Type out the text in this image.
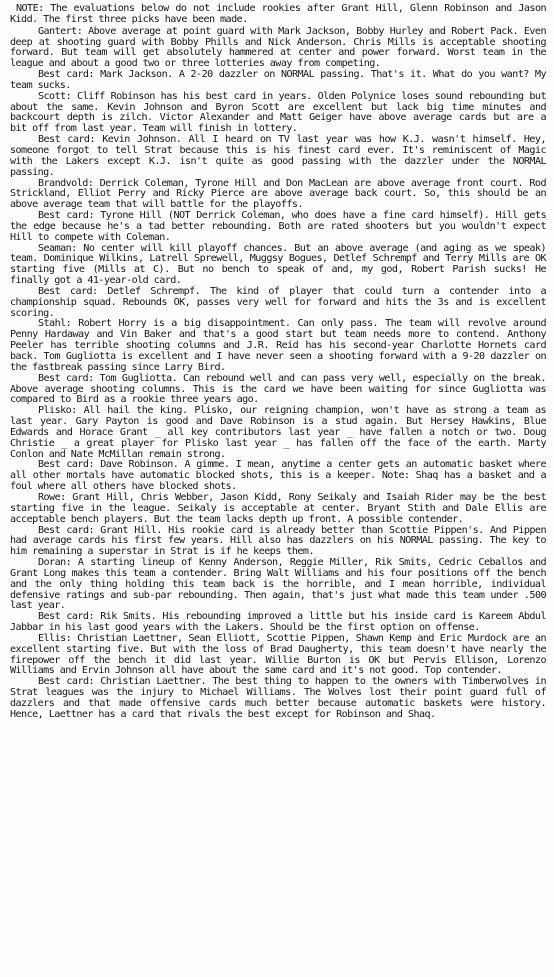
NOTE: The evaluations below do not include rookies after Grant Hill, Glenn Robinson and Jason Kidd. The first three picks have been made.

Gantert: Above average at point guard with Mark Jackson, Bobby Hurley and Robert Pack. Even deep at shooting guard with Bobby Phills and Nick Anderson. Chris Mills is acceptable shooting forward. But team will get absolutely hammered at center and power forward. Worst team in the league and about a good two or three lotteries away from competing.

Best card: Mark Jackson. A 2-20 dazzler on NORMAL passing. That's it. What do you want? My team sucks.

Scott: Cliff Robinson has his best card in years. Olden Polynice loses sound rebounding but about the same. Kevin Johnson and Byron Scott are excellent but lack big time minutes and backcourt depth is zilch. Victor Alexander and Matt Geiger have above average cards but are a bit off from last year. Team will finish in lottery.

Best card: Kevin Johnson. All I heard on TV last year was how K.J. wasn't himself. Hey, someone forgot to tell Strat because this is his finest card ever. It's reminiscent of Magic with the Lakers except K.J. isn't quite as good passing with the dazzler under the NORMAL passing.

Brandvold: Derrick Coleman, Tyrone Hill and Don MacLean are above average front court. Rod Strickland, Elliot Perry and Ricky Pierce are above average back court. So, this should be an above average team that will battle for the playoffs.

Best card: Tyrone Hill (NOT Derrick Coleman, who does have a fine card himself). Hill gets the edge because he's a tad better rebounding. Both are rated shooters but you wouldn't expect Hill to compete with Coleman.

Seaman: No center will kill playoff chances. But an above average (and aging as we speak) team. Dominique Wilkins, Latrell Sprewell, Muggsy Bogues, Detlef Schrempf and Terry Mills are OK starting five (Mills at C). But no bench to speak of and, my god, Robert Parish sucks! He finally got a 41-year-old card.

Best card: Detlef Schrempf. The kind of player that could turn a contender into a championship squad. Rebounds OK, passes very well for forward and hits the 3s and is excellent scoring.

Stahl: Robert Horry is a big disappointment. Can only pass. The team will revolve around Penny Hardaway and Vin Baker and that's a good start but team needs more to contend. Anthony Peeler has terrible shooting columns and J.R. Reid has his second-year Charlotte Hornets card back. Tom Gugliotta is excellent and I have never seen a shooting forward with a 9-20 dazzler on the fastbreak passing since Larry Bird.

Best card: Tom Gugliotta. Can rebound well and can pass very well, especially on the break. Above average shooting columns. This is the card we have been waiting for since Gugliotta was compared to Bird as a rookie three years ago.

Plisko: All hail the king. Plisko, our reigning champion, won't have as strong a team as last year. Gary Payton is good and Dave Robinson is a stud again. But Hersey Hawkins, Blue Edwards and Horace Grant _ all key contributors last year _ have fallen a notch or two. Doug Christie _ a great player for Plisko last year _ has fallen off the face of the earth. Marty Conlon and Nate McMillan remain strong.

Best card: Dave Robinson. A gimme. I mean, anytime a center gets an automatic basket where all other mortals have automatic blocked shots, this is a keeper. Note: Shaq has a basket and a foul where all others have blocked shots.

Rowe: Grant Hill, Chris Webber, Jason Kidd, Rony Seikaly and Isaiah Rider may be the best starting five in the league. Seikaly is acceptable at center. Bryant Stith and Dale Ellis are acceptable bench players. But the team lacks depth up front. A possible contender.

Best card: Grant Hill. His rookie card is already better than Scottie Pippen's. And Pippen had average cards his first few years. Hill also has dazzlers on his NORMAL passing. The key to him remaining a superstar in Strat is if he keeps them.

Doran: A starting lineup of Kenny Anderson, Reggie Miller, Rik Smits, Cedric Ceballos and Grant Long makes this team a contender. Bring Walt Williams and his four positions off the bench and the only thing holding this team back is the horrible, and I mean horrible, individual defensive ratings and sub-par rebounding. Then again, that's just what made this team under .500 last year.

Best card: Rik Smits. His rebounding improved a little but his inside card is Kareem Abdul Jabbar in his last good years with the Lakers. Should be the first option on offense.

Ellis: Christian Laettner, Sean Elliott, Scottie Pippen, Shawn Kemp and Eric Murdock are an excellent starting five. But with the loss of Brad Daugherty, this team doesn't have nearly the firepower off the bench it did last year. Willie Burton is OK but Pervis Ellison, Lorenzo Williams and Ervin Johnson all have about the same card and it's not good. Top contender.

Best card: Christian Laettner. The best thing to happen to the owners with Timberwolves in Strat leagues was the injury to Michael Williams. The Wolves lost their point guard full of dazzlers and that made offensive cards much better because automatic baskets were history. Hence, Laettner has a card that rivals the best except for Robinson and Shaq.
